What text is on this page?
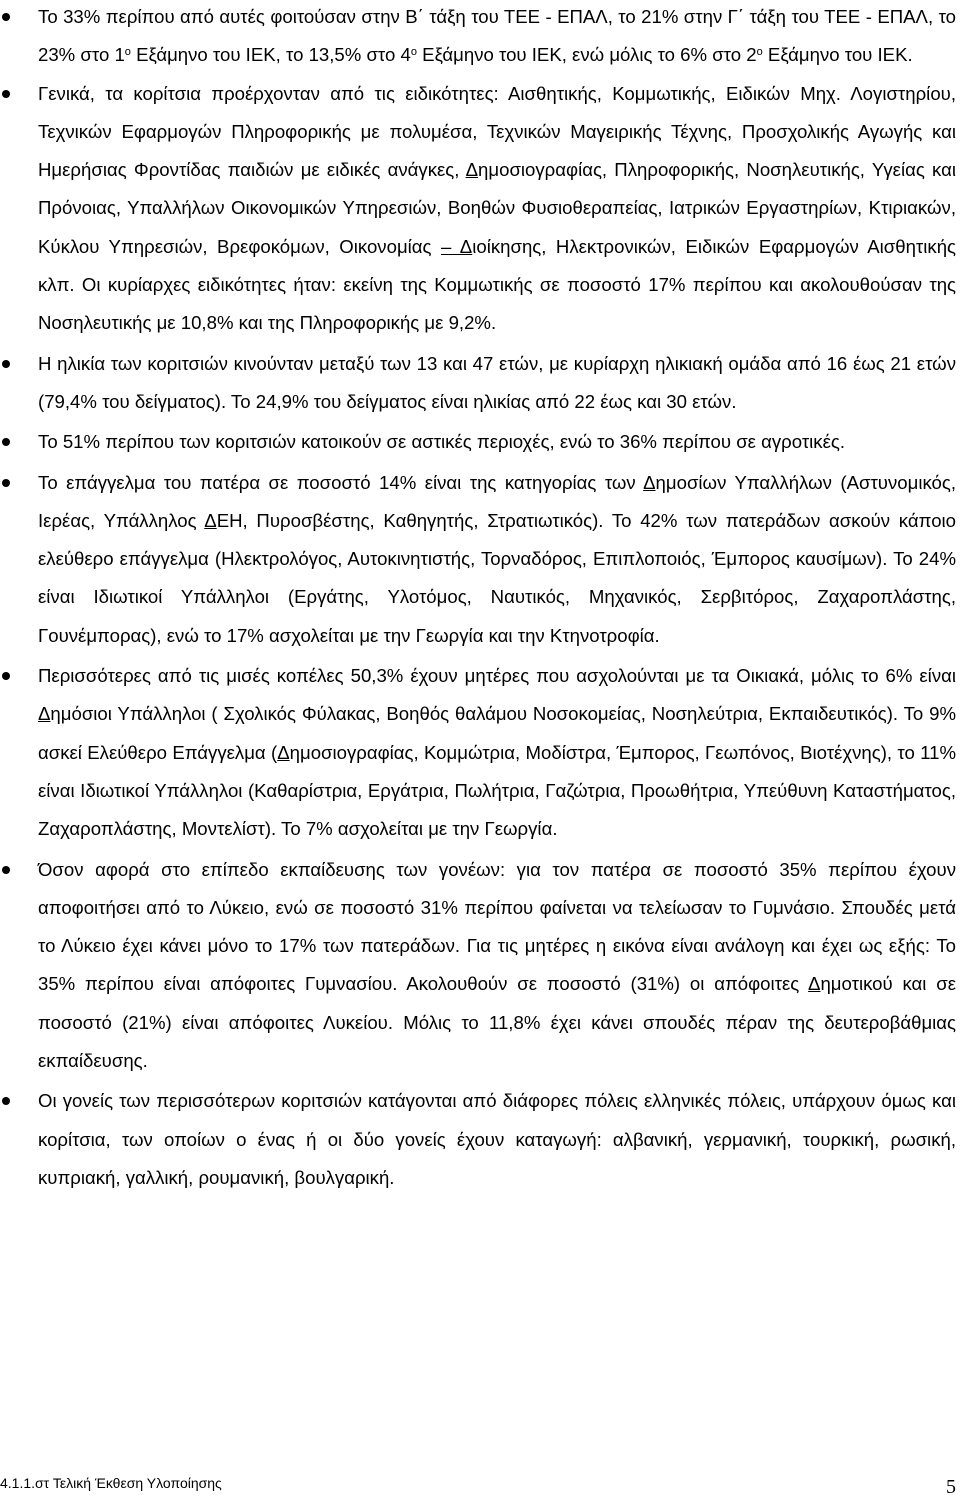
Το 33% περίπου από αυτές φοιτούσαν στην Β΄ τάξη του ΤΕΕ - ΕΠΑΛ, το 21% στην Γ΄ τάξη του ΤΕΕ - ΕΠΑΛ, το 23% στο $1^o$ Εξάμηνο του ΙΕΚ, το 13,5% στο $4^o$ Εξάμηνο του ΙΕΚ, ενώ μόλις το 6% στο $2^o$ Εξάμηνο του ΙΕΚ.
Γενικά, τα κορίτσια προέρχονταν από τις ειδικότητες: Αισθητικής, Κομμωτικής, Ειδικών Μηχ. Λογιστηρίου, Τεχνικών Εφαρμογών Πληροφορικής με πολυμέσα, Τεχνικών Μαγειρικής Τέχνης, Προσχολικής Αγωγής και Ημερήσιας Φροντίδας παιδιών με ειδικές ανάγκες, Δημοσιογραφίας, Πληροφορικής, Νοσηλευτικής, Υγείας και Πρόνοιας, Υπαλλήλων Οικονομικών Υπηρεσιών, Βοηθών Φυσιοθεραπείας, Ιατρικών Εργαστηρίων, Κτιριακών, Κύκλου Υπηρεσιών, Βρεφοκόμων, Οικονομίας – Διοίκησης, Ηλεκτρονικών, Ειδικών Εφαρμογών Αισθητικής κλπ. Οι κυρίαρχες ειδικότητες ήταν: εκείνη της Κομμωτικής σε ποσοστό 17% περίπου και ακολουθούσαν της Νοσηλευτικής με 10,8% και της Πληροφορικής με 9,2%.
Η ηλικία των κοριτσιών κινούνταν μεταξύ των 13 και 47 ετών, με κυρίαρχη ηλικιακή ομάδα από 16 έως 21 ετών (79,4% του δείγματος). Το 24,9% του δείγματος είναι ηλικίας από 22 έως και 30 ετών.
Το 51% περίπου των κοριτσιών κατοικούν σε αστικές περιοχές, ενώ το 36% περίπου σε αγροτικές.
Το επάγγελμα του πατέρα σε ποσοστό 14% είναι της κατηγορίας των Δημοσίων Υπαλλήλων (Αστυνομικός, Ιερέας, Υπάλληλος ΔΕΗ, Πυροσβέστης, Καθηγητής, Στρατιωτικός). Το 42% των πατεράδων ασκούν κάποιο ελεύθερο επάγγελμα (Ηλεκτρολόγος, Αυτοκινητιστής, Τορναδόρος, Επιπλοποιός, Έμπορος καυσίμων). Το 24% είναι Ιδιωτικοί Υπάλληλοι (Εργάτης, Υλοτόμος, Ναυτικός, Μηχανικός, Σερβιτόρος, Ζαχαροπλάστης, Γουνέμπορας), ενώ το 17% ασχολείται με την Γεωργία και την Κτηνοτροφία.
Περισσότερες από τις μισές κοπέλες 50,3% έχουν μητέρες που ασχολούνται με τα Οικιακά, μόλις το 6% είναι Δημόσιοι Υπάλληλοι ( Σχολικός Φύλακας, Βοηθός θαλάμου Νοσοκομείας, Νοσηλεύτρια, Εκπαιδευτικός). Το 9% ασκεί Ελεύθερο Επάγγελμα (Δημοσιογραφίας, Κομμώτρια, Μοδίστρα, Έμπορος, Γεωπόνος, Βιοτέχνης), το 11% είναι Ιδιωτικοί Υπάλληλοι (Καθαρίστρια, Εργάτρια, Πωλήτρια, Γαζώτρια, Προωθήτρια, Υπεύθυνη Καταστήματος, Ζαχαροπλάστης, Μοντελίστ). Το 7% ασχολείται με την Γεωργία.
Όσον αφορά στο επίπεδο εκπαίδευσης των γονέων: για τον πατέρα σε ποσοστό 35% περίπου έχουν αποφοιτήσει από το Λύκειο, ενώ σε ποσοστό 31% περίπου φαίνεται να τελείωσαν το Γυμνάσιο. Σπουδές μετά το Λύκειο έχει κάνει μόνο το 17% των πατεράδων. Για τις μητέρες η εικόνα είναι ανάλογη και έχει ως εξής: Το 35% περίπου είναι απόφοιτες Γυμνασίου. Ακολουθούν σε ποσοστό (31%) οι απόφοιτες Δημοτικού και σε ποσοστό (21%) είναι απόφοιτες Λυκείου. Μόλις το 11,8% έχει κάνει σπουδές πέραν της δευτεροβάθμιας εκπαίδευσης.
Οι γονείς των περισσότερων κοριτσιών κατάγονται από διάφορες πόλεις ελληνικές πόλεις, υπάρχουν όμως και κορίτσια, των οποίων ο ένας ή οι δύο γονείς έχουν καταγωγή: αλβανική, γερμανική, τουρκική, ρωσική, κυπριακή, γαλλική, ρουμανική, βουλγαρική.
4.1.1.στ Τελική Έκθεση Υλοποίησης	5
